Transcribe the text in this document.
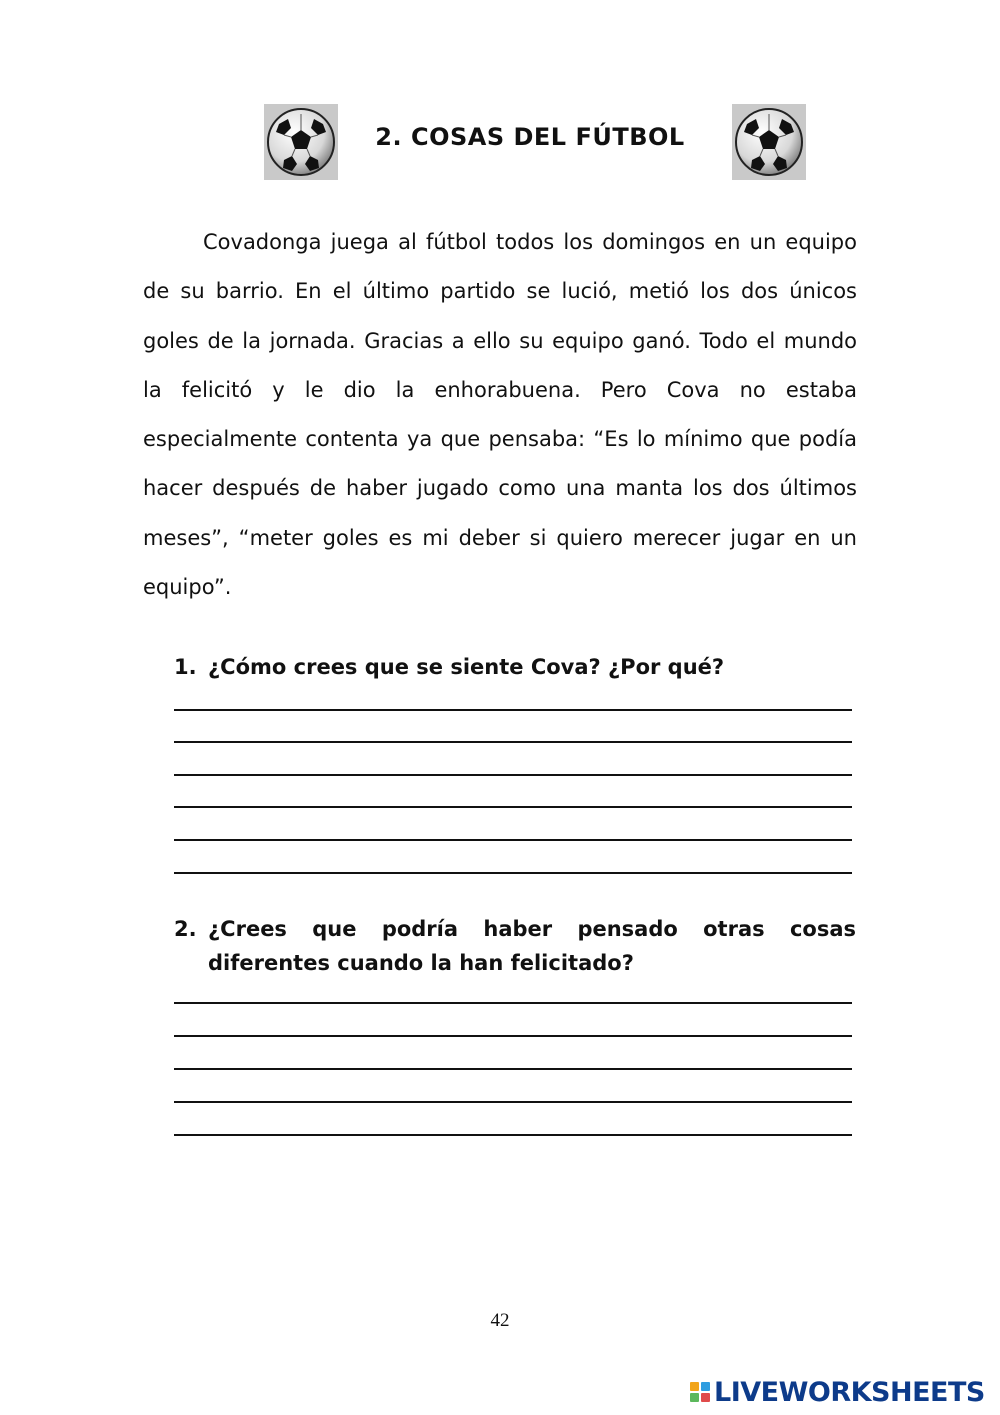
2. COSAS DEL FÚTBOL

Covadonga juega al fútbol todos los domingos en un equipo de su barrio. En el último partido se lució, metió los dos únicos goles de la jornada. Gracias a ello su equipo ganó. Todo el mundo la felicitó y le dio la enhorabuena. Pero Cova no estaba especialmente contenta ya que pensaba: “Es lo mínimo que podía hacer después de haber jugado como una manta los dos últimos meses”, “meter goles es mi deber si quiero merecer jugar en un equipo”.

1. ¿Cómo crees que se siente Cova? ¿Por qué?
2. ¿Crees que podría haber pensado otras cosas diferentes cuando la han felicitado?
42
LIVEWORKSHEETS
